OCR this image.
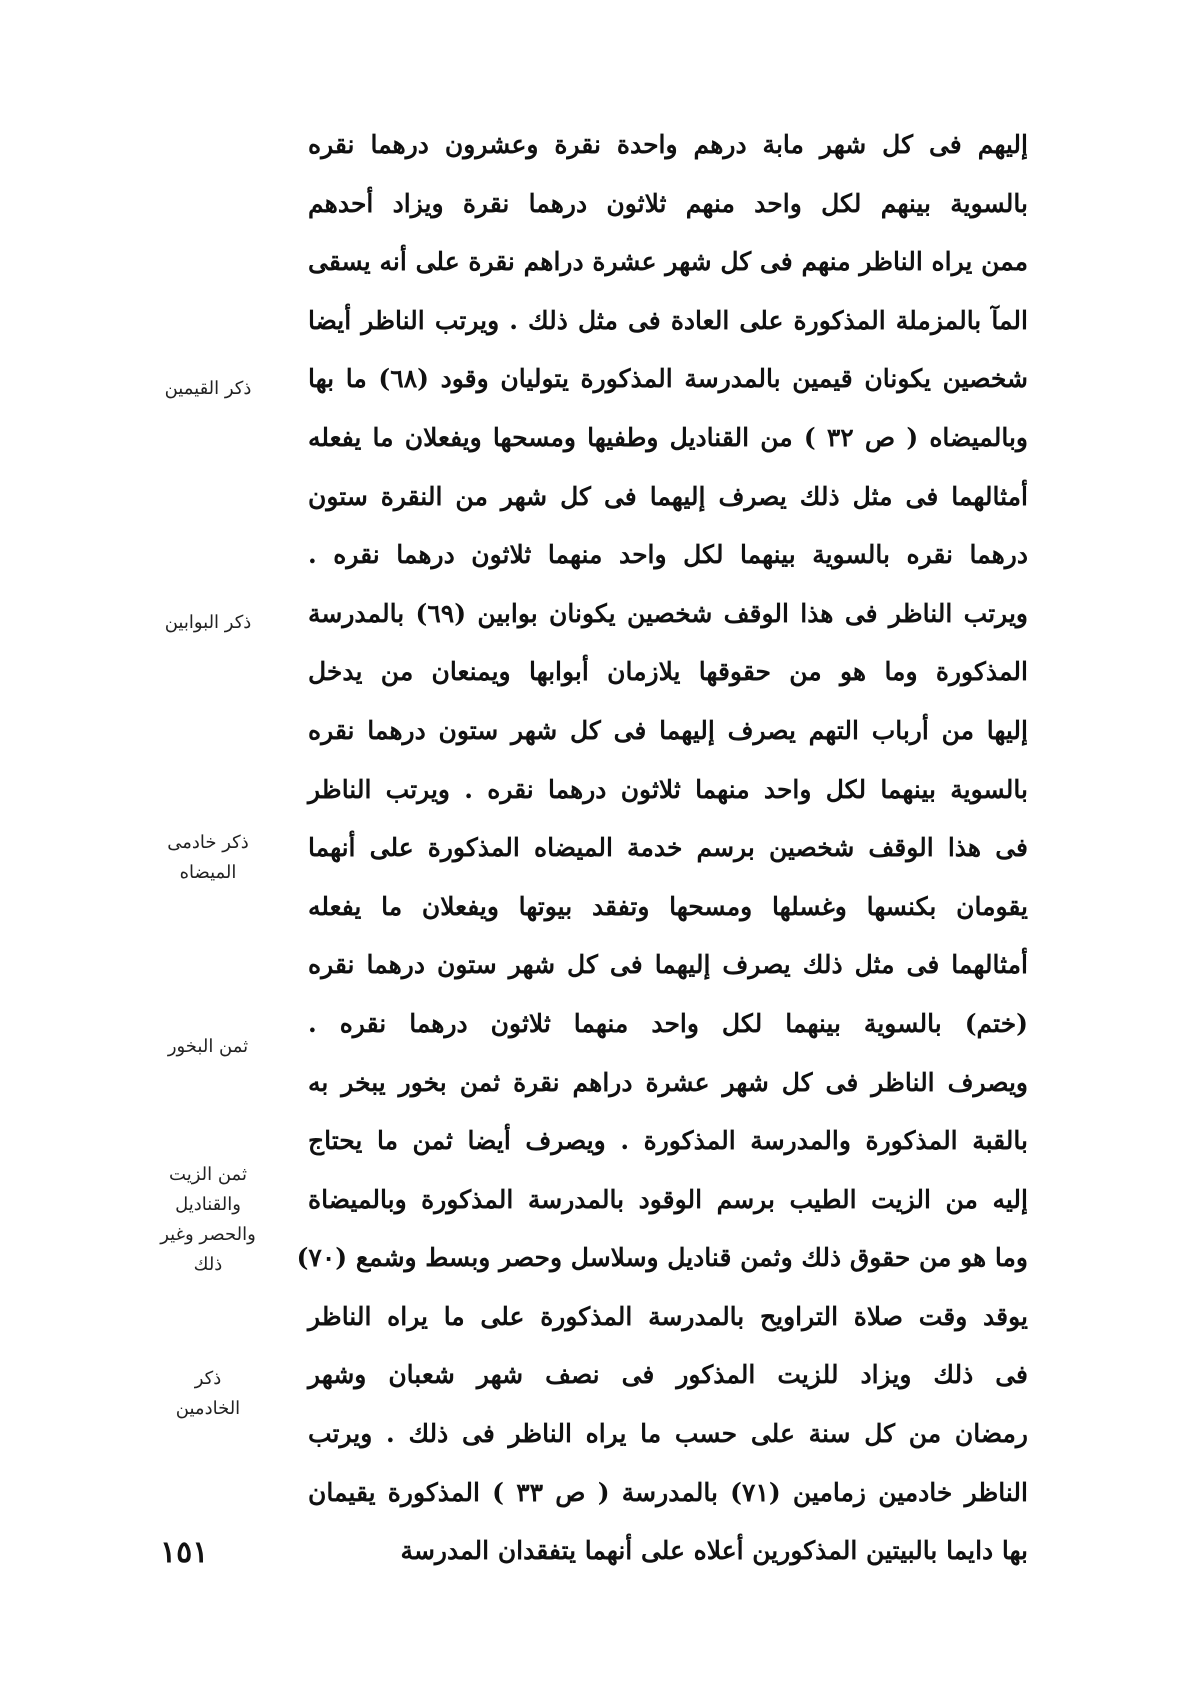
إليهم فى كل شهر مابة درهم واحدة نقرة وعشرون درهما نقره
بالسوية بينهم لكل واحد منهم ثلاثون درهما نقرة ويزاد أحدهم
ممن يراه الناظر منهم فى كل شهر عشرة دراهم نقرة على أنه يسقى
المآ بالمزملة المذكورة على العادة فى مثل ذلك . ويرتب الناظر أيضا
شخصين يكونان قيمين بالمدرسة المذكورة يتوليان وقود (٦٨) ما بها
وبالميضاه ( ص ٣٢ ) من القناديل وطفيها ومسحها ويفعلان ما يفعله
أمثالهما فى مثل ذلك يصرف إليهما فى كل شهر من النقرة ستون
درهما نقره بالسوية بينهما لكل واحد منهما ثلاثون درهما نقره .
ويرتب الناظر فى هذا الوقف شخصين يكونان بوابين (٦٩) بالمدرسة
المذكورة وما هو من حقوقها يلازمان أبوابها ويمنعان من يدخل
إليها من أرباب التهم يصرف إليهما فى كل شهر ستون درهما نقره
بالسوية بينهما لكل واحد منهما ثلاثون درهما نقره . ويرتب الناظر
فى هذا الوقف شخصين برسم خدمة الميضاه المذكورة على أنهما
يقومان بكنسها وغسلها ومسحها وتفقد بيوتها ويفعلان ما يفعله
أمثالهما فى مثل ذلك يصرف إليهما فى كل شهر ستون درهما نقره
(ختم) بالسوية بينهما لكل واحد منهما ثلاثون درهما نقره .
ويصرف الناظر فى كل شهر عشرة دراهم نقرة ثمن بخور يبخر به
بالقبة المذكورة والمدرسة المذكورة . ويصرف أيضا ثمن ما يحتاج
إليه من الزيت الطيب برسم الوقود بالمدرسة المذكورة وبالميضاة
وما هو من حقوق ذلك وثمن قناديل وسلاسل وحصر وبسط وشمع (٧٠)
يوقد وقت صلاة التراويح بالمدرسة المذكورة على ما يراه الناظر
فى ذلك ويزاد للزيت المذكور فى نصف شهر شعبان وشهر
رمضان من كل سنة على حسب ما يراه الناظر فى ذلك . ويرتب
الناظر خادمين زمامين (٧١) بالمدرسة ( ص ٣٣ ) المذكورة يقيمان
بها دايما بالبيتين المذكورين أعلاه على أنهما يتفقدان المدرسة
ذكر القيمين
ذكر البوابين
ذكر خادمى
الميضاه
ثمن البخور
ثمن الزيت
والقناديل
والحصر وغير
ذلك
ذكر
الخادمين
١٥١
